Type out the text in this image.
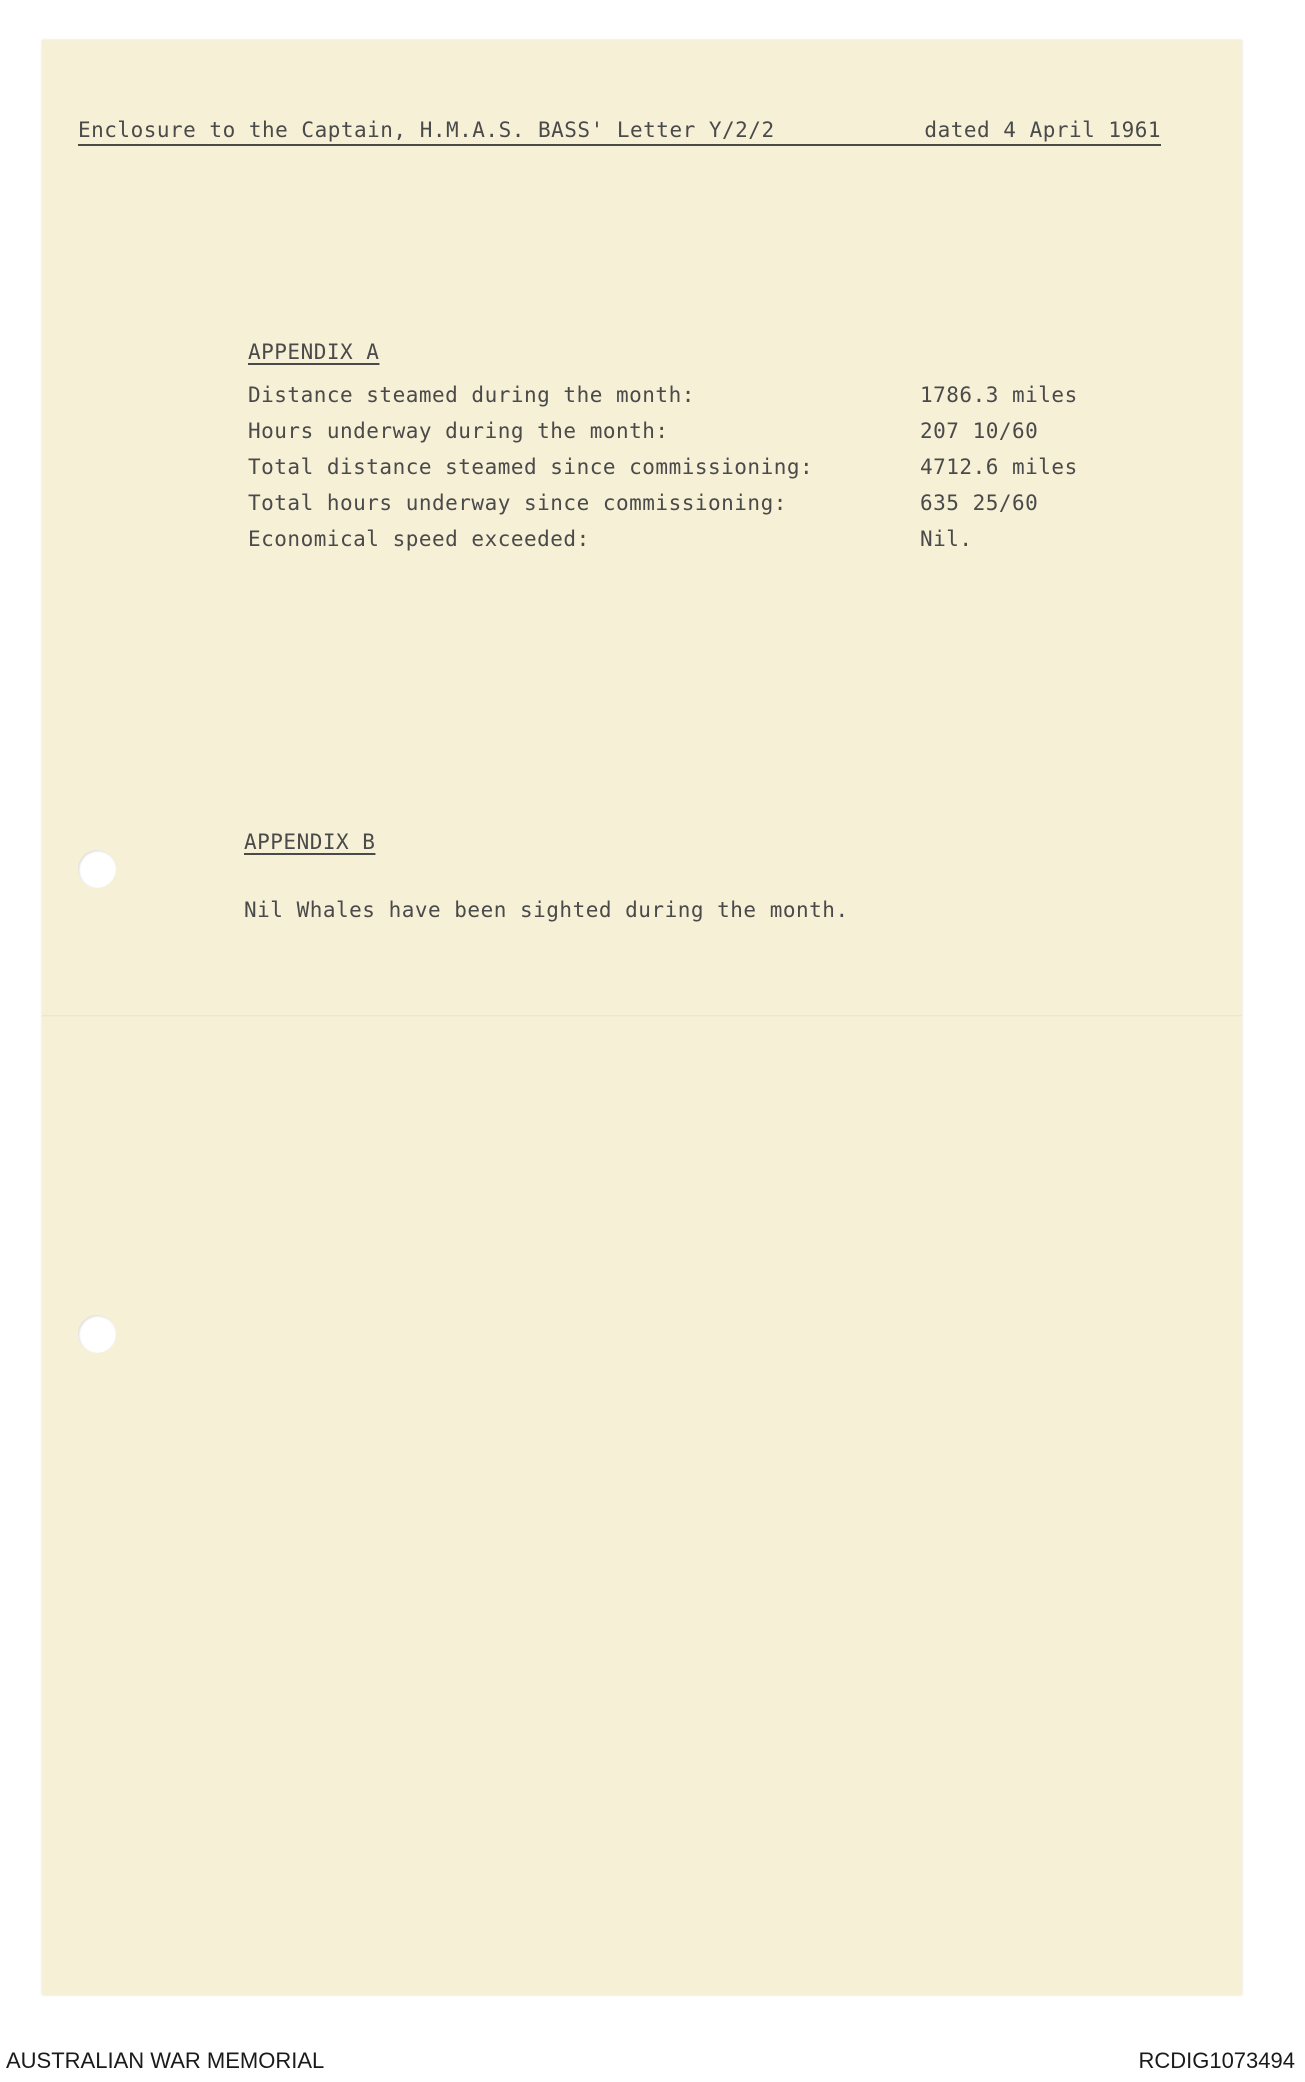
Enclosure to the Captain, H.M.A.S. BASS' Letter Y/2/2	dated 4 April 1961
APPENDIX A
Distance steamed during the month:	1786.3 miles
Hours underway during the month:	207 10/60
Total distance steamed since commissioning:	4712.6 miles
Total hours underway since commissioning:	635 25/60
Economical speed exceeded:	Nil.
APPENDIX B
Nil Whales have been sighted during the month.
AUSTRALIAN WAR MEMORIAL	RCDIG1073494
